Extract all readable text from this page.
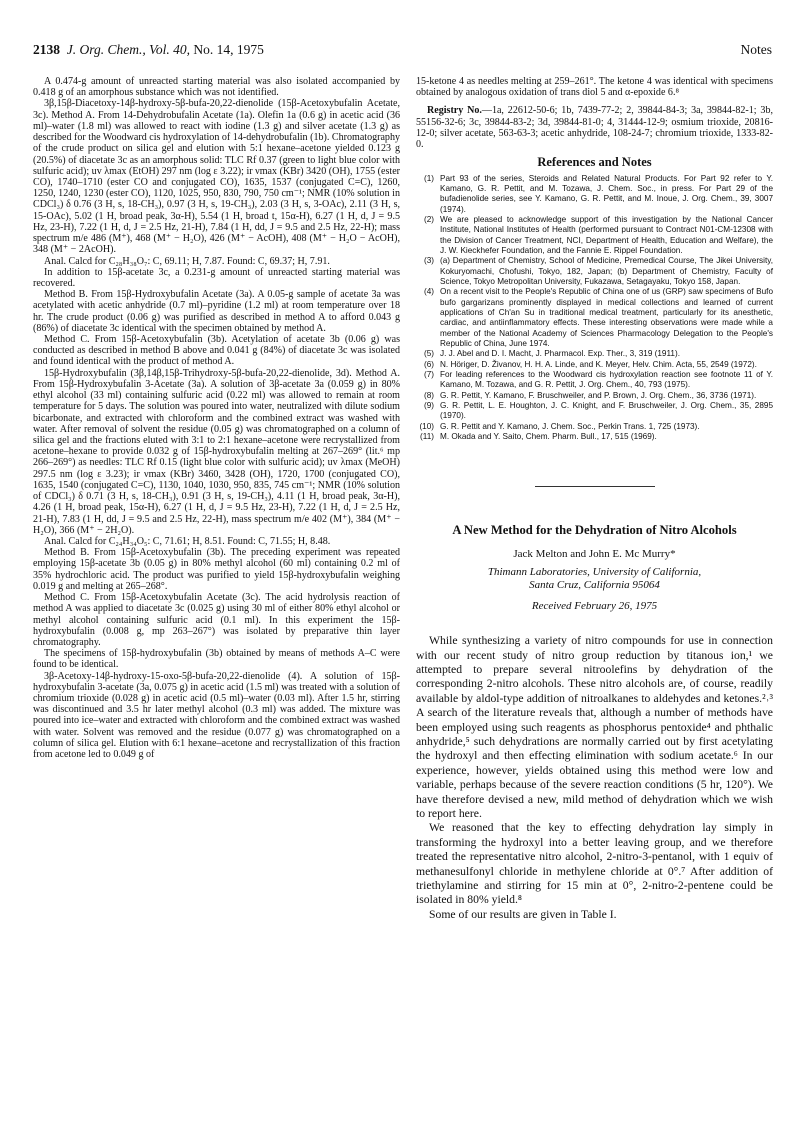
2138 J. Org. Chem., Vol. 40, No. 14, 1975	Notes

A 0.474-g amount of unreacted starting material was also isolated accompanied by 0.418 g of an amorphous substance which was not identified.

3β,15β-Diacetoxy-14β-hydroxy-5β-bufa-20,22-dienolide (15β-Acetoxybufalin Acetate, 3c). Method A. From 14-Dehydrobufalin Acetate (1a). Olefin 1a (0.6 g) in acetic acid (36 ml)–water (1.8 ml) was allowed to react with iodine (1.3 g) and silver acetate (1.3 g) as described for the Woodward cis hydroxylation of 14-dehydrobufalin (1b). Chromatography of the crude product on silica gel and elution with 5:1 hexane–acetone yielded 0.123 g (20.5%) of diacetate 3c as an amorphous solid: TLC Rf 0.37 (green to light blue color with sulfuric acid); uv λmax (EtOH) 297 nm (log ε 3.22); ir νmax (KBr) 3420 (OH), 1755 (ester CO), 1740–1710 (ester CO and conjugated CO), 1635, 1537 (conjugated C=C), 1260, 1250, 1240, 1230 (ester CO), 1120, 1025, 950, 830, 790, 750 cm⁻¹; NMR (10% solution in CDCl₃) δ 0.76 (3 H, s, 18-CH₃), 0.97 (3 H, s, 19-CH₃), 2.03 (3 H, s, 3-OAc), 2.11 (3 H, s, 15-OAc), 5.02 (1 H, broad peak, 3α-H), 5.54 (1 H, broad t, 15α-H), 6.27 (1 H, d, J = 9.5 Hz, 23-H), 7.22 (1 H, d, J = 2.5 Hz, 21-H), 7.84 (1 H, dd, J = 9.5 and 2.5 Hz, 22-H); mass spectrum m/e 486 (M⁺), 468 (M⁺ − H₂O), 426 (M⁺ − AcOH), 408 (M⁺ − H₂O − AcOH), 348 (M⁺ − 2AcOH).

Anal. Calcd for C₂₈H₃₈O₇: C, 69.11; H, 7.87. Found: C, 69.37; H, 7.91.

In addition to 15β-acetate 3c, a 0.231-g amount of unreacted starting material was recovered.

Method B. From 15β-Hydroxybufalin Acetate (3a). A 0.05-g sample of acetate 3a was acetylated with acetic anhydride (0.7 ml)–pyridine (1.2 ml) at room temperature over 18 hr. The crude product (0.06 g) was purified as described in method A to afford 0.043 g (86%) of diacetate 3c identical with the specimen obtained by method A.

Method C. From 15β-Acetoxybufalin (3b). Acetylation of acetate 3b (0.06 g) was conducted as described in method B above and 0.041 g (84%) of diacetate 3c was isolated and found identical with the product of method A.

15β-Hydroxybufalin (3β,14β,15β-Trihydroxy-5β-bufa-20,22-dienolide, 3d). Method A. From 15β-Hydroxybufalin 3-Acetate (3a). A solution of 3β-acetate 3a (0.059 g) in 80% ethyl alcohol (33 ml) containing sulfuric acid (0.22 ml) was allowed to remain at room temperature for 5 days. The solution was poured into water, neutralized with dilute sodium bicarbonate, and extracted with chloroform and the combined extract was washed with water. After removal of solvent the residue (0.05 g) was chromatographed on a column of silica gel and the fractions eluted with 3:1 to 2:1 hexane–acetone were recrystallized from acetone–hexane to provide 0.032 g of 15β-hydroxybufalin melting at 267–269° (lit.⁶ mp 266–269°) as needles: TLC Rf 0.15 (light blue color with sulfuric acid); uv λmax (MeOH) 297.5 nm (log ε 3.23); ir νmax (KBr) 3460, 3428 (OH), 1720, 1700 (conjugated CO), 1635, 1540 (conjugated C=C), 1130, 1040, 1030, 950, 835, 745 cm⁻¹; NMR (10% solution of CDCl₃) δ 0.71 (3 H, s, 18-CH₃), 0.91 (3 H, s, 19-CH₃), 4.11 (1 H, broad peak, 3α-H), 4.26 (1 H, broad peak, 15α-H), 6.27 (1 H, d, J = 9.5 Hz, 23-H), 7.22 (1 H, d, J = 2.5 Hz, 21-H), 7.83 (1 H, dd, J = 9.5 and 2.5 Hz, 22-H), mass spectrum m/e 402 (M⁺), 384 (M⁺ − H₂O), 366 (M⁺ − 2H₂O).

Anal. Calcd for C₂₄H₃₄O₅: C, 71.61; H, 8.51. Found: C, 71.55; H, 8.48.

Method B. From 15β-Acetoxybufalin (3b). The preceding experiment was repeated employing 15β-acetate 3b (0.05 g) in 80% methyl alcohol (60 ml) containing 0.2 ml of 35% hydrochloric acid. The product was purified to yield 15β-hydroxybufalin weighing 0.019 g and melting at 265–268°.

Method C. From 15β-Acetoxybufalin Acetate (3c). The acid hydrolysis reaction of method A was applied to diacetate 3c (0.025 g) using 30 ml of either 80% ethyl alcohol or methyl alcohol containing sulfuric acid (0.1 ml). In this experiment the 15β-hydroxybufalin (0.008 g, mp 263–267°) was isolated by preparative thin layer chromatography.

The specimens of 15β-hydroxybufalin (3b) obtained by means of methods A–C were found to be identical.

3β-Acetoxy-14β-hydroxy-15-oxo-5β-bufa-20,22-dienolide (4). A solution of 15β-hydroxybufalin 3-acetate (3a, 0.075 g) in acetic acid (1.5 ml) was treated with a solution of chromium trioxide (0.028 g) in acetic acid (0.5 ml)–water (0.03 ml). After 1.5 hr, stirring was discontinued and 3.5 hr later methyl alcohol (0.3 ml) was added. The mixture was poured into ice–water and extracted with chloroform and the combined extract was washed with water. Solvent was removed and the residue (0.077 g) was chromatographed on a column of silica gel. Elution with 6:1 hexane–acetone and recrystallization of this fraction from acetone led to 0.049 g of

15-ketone 4 as needles melting at 259–261°. The ketone 4 was identical with specimens obtained by analogous oxidation of trans diol 5 and α-epoxide 6.⁸

Registry No.—1a, 22612-50-6; 1b, 7439-77-2; 2, 39844-84-3; 3a, 39844-82-1; 3b, 55156-32-6; 3c, 39844-83-2; 3d, 39844-81-0; 4, 31444-12-9; osmium trioxide, 20816-12-0; silver acetate, 563-63-3; acetic anhydride, 108-24-7; chromium trioxide, 1333-82-0.

References and Notes
(1) Part 93 of the series, Steroids and Related Natural Products. For Part 92 refer to Y. Kamano, G. R. Pettit, and M. Tozawa, J. Chem. Soc., in press. For Part 29 of the bufadienolide series, see Y. Kamano, G. R. Pettit, and M. Inoue, J. Org. Chem., 39, 3007 (1974).
(2) We are pleased to acknowledge support of this investigation by the National Cancer Institute, National Institutes of Health (performed pursuant to Contract N01-CM-12308 with the Division of Cancer Treatment, NCI, Department of Health, Education and Welfare), the J. W. Kieckhefer Foundation, and the Fannie E. Rippel Foundation.
(3) (a) Department of Chemistry, School of Medicine, Premedical Course, The Jikei University, Kokuryomachi, Chofushi, Tokyo, 182, Japan; (b) Department of Chemistry, Faculty of Science, Tokyo Metropolitan University, Fukazawa, Setagayaku, Tokyo 158, Japan.
(4) On a recent visit to the People's Republic of China one of us (GRP) saw specimens of Bufo bufo gargarizans prominently displayed in medical collections and learned of current applications of Ch'an Su in traditional medical treatment, particularly for its anesthetic, cardiac, and antiinflammatory effects. These interesting observations were made while a member of the National Academy of Sciences Pharmacology Delegation to the People's Republic of China, June 1974.
(5) J. J. Abel and D. I. Macht, J. Pharmacol. Exp. Ther., 3, 319 (1911).
(6) N. Höriger, D. Živanov, H. H. A. Linde, and K. Meyer, Helv. Chim. Acta, 55, 2549 (1972).
(7) For leading references to the Woodward cis hydroxylation reaction see footnote 11 of Y. Kamano, M. Tozawa, and G. R. Pettit, J. Org. Chem., 40, 793 (1975).
(8) G. R. Pettit, Y. Kamano, F. Bruschweiler, and P. Brown, J. Org. Chem., 36, 3736 (1971).
(9) G. R. Pettit, L. E. Houghton, J. C. Knight, and F. Bruschweiler, J. Org. Chem., 35, 2895 (1970).
(10) G. R. Pettit and Y. Kamano, J. Chem. Soc., Perkin Trans. 1, 725 (1973).
(11) M. Okada and Y. Saito, Chem. Pharm. Bull., 17, 515 (1969).
A New Method for the Dehydration of Nitro Alcohols
Jack Melton and John E. Mc Murry*
Thimann Laboratories, University of California,
Santa Cruz, California 95064
Received February 26, 1975

While synthesizing a variety of nitro compounds for use in connection with our recent study of nitro group reduction by titanous ion,¹ we attempted to prepare several nitroolefins by dehydration of the corresponding 2-nitro alcohols. These nitro alcohols are, of course, readily available by aldol-type addition of nitroalkanes to aldehydes and ketones.²˒³ A search of the literature reveals that, although a number of methods have been employed using such reagents as phosphorus pentoxide⁴ and phthalic anhydride,⁵ such dehydrations are normally carried out by first acetylating the hydroxyl and then effecting elimination with sodium acetate.⁶ In our experience, however, yields obtained using this method were low and variable, perhaps because of the severe reaction conditions (5 hr, 120°). We have therefore devised a new, mild method of dehydration which we wish to report here.

We reasoned that the key to effecting dehydration lay simply in transforming the hydroxyl into a better leaving group, and we therefore treated the representative nitro alcohol, 2-nitro-3-pentanol, with 1 equiv of methanesulfonyl chloride in methylene chloride at 0°.⁷ After addition of triethylamine and stirring for 15 min at 0°, 2-nitro-2-pentene could be isolated in 80% yield.⁸

Some of our results are given in Table I.
